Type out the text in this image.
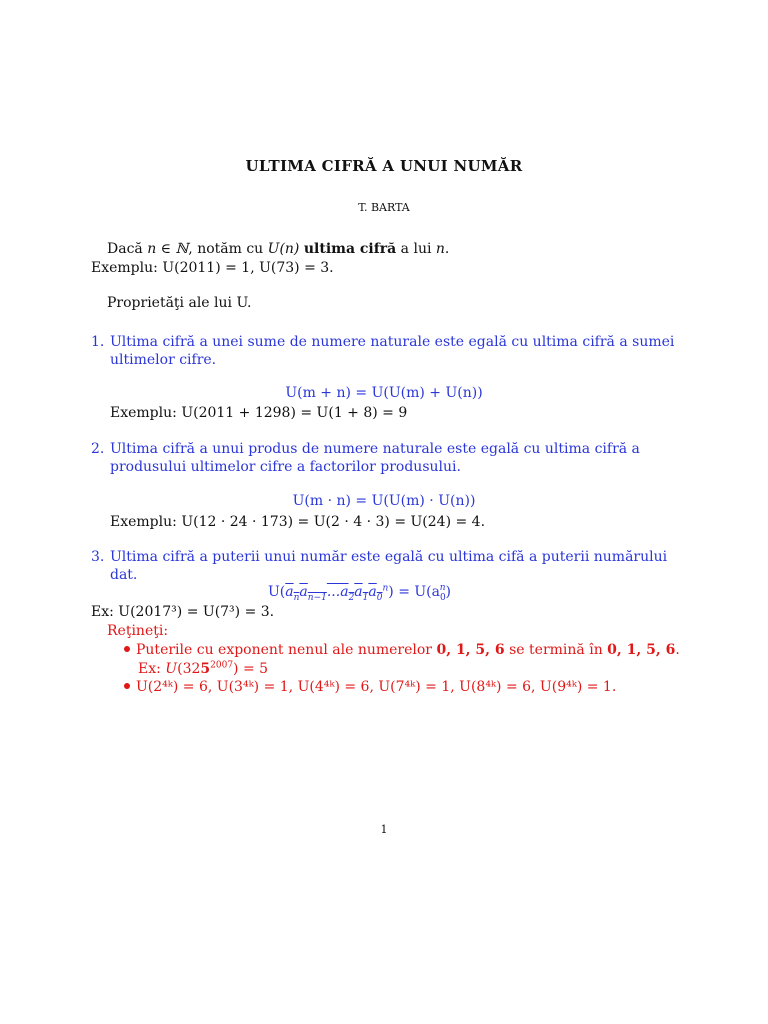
ULTIMA CIFRĂ A UNUI NUMĂR
T. BARTA
Dacă n ∈ ℕ, notăm cu U(n) ultima cifră a lui n.
Exemplu: U(2011) = 1, U(73) = 3.
Proprietăţi ale lui U.
1. Ultima cifră a unei sume de numere naturale este egală cu ultima cifră a sumei
ultimelor cifre.
U(m + n) = U(U(m) + U(n))
Exemplu: U(2011 + 1298) = U(1 + 8) = 9
2. Ultima cifră a unui produs de numere naturale este egală cu ultima cifră a
produsului ultimelor cifre a factorilor produsului.
U(m · n) = U(U(m) · U(n))
Exemplu: U(12 · 24 · 173) = U(2 · 4 · 3) = U(24) = 4.
3. Ultima cifră a puterii unui număr este egală cu ultima cifă a puterii numărului
dat.
$U(a_na_{n-1}...a_2a_1a_0^n) = U(a_0^n)$
Ex: U(2017³) = U(7³) = 3.
Reţineţi:
Puterile cu exponent nenul ale numerelor 0, 1, 5, 6 se termină în 0, 1, 5, 6.
Ex: $U(325^{2007}) = 5$
U(2⁴ᵏ) = 6, U(3⁴ᵏ) = 1, U(4⁴ᵏ) = 6, U(7⁴ᵏ) = 1, U(8⁴ᵏ) = 6, U(9⁴ᵏ) = 1.
1
